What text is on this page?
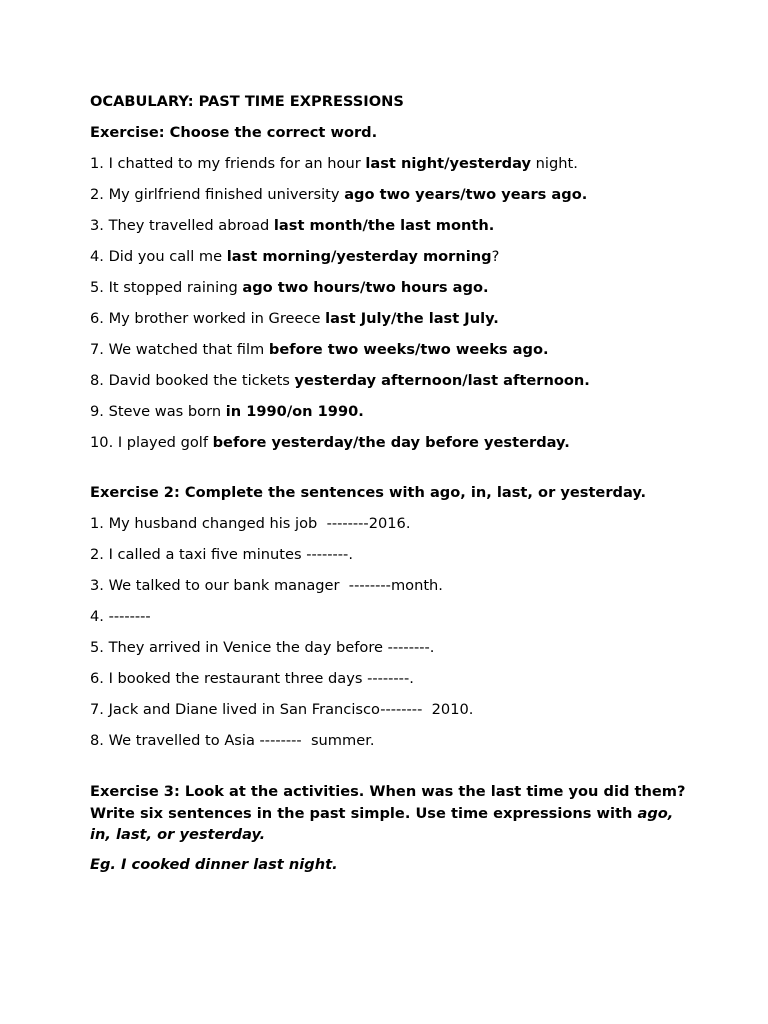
OCABULARY: PAST TIME EXPRESSIONS

Exercise: Choose the correct word.

1. I chatted to my friends for an hour last night/yesterday night.

2. My girlfriend finished university ago two years/two years ago.

3. They travelled abroad last month/the last month.

4. Did you call me last morning/yesterday morning?

5. It stopped raining ago two hours/two hours ago.

6. My brother worked in Greece last July/the last July.

7. We watched that film before two weeks/two weeks ago.

8. David booked the tickets yesterday afternoon/last afternoon.

9. Steve was born in 1990/on 1990.

10. I played golf before yesterday/the day before yesterday.

Exercise 2: Complete the sentences with ago, in, last, or yesterday.

1. My husband changed his job  --------2016.

2. I called a taxi five minutes --------.

3. We talked to our bank manager  --------month.

4. --------

5. They arrived in Venice the day before --------.

6. I booked the restaurant three days --------.

7. Jack and Diane lived in San Francisco--------  2010.

8. We travelled to Asia --------  summer.

Exercise 3: Look at the activities. When was the last time you did them? Write six sentences in the past simple. Use time expressions with ago, in, last, or yesterday.

Eg. I cooked dinner last night.
